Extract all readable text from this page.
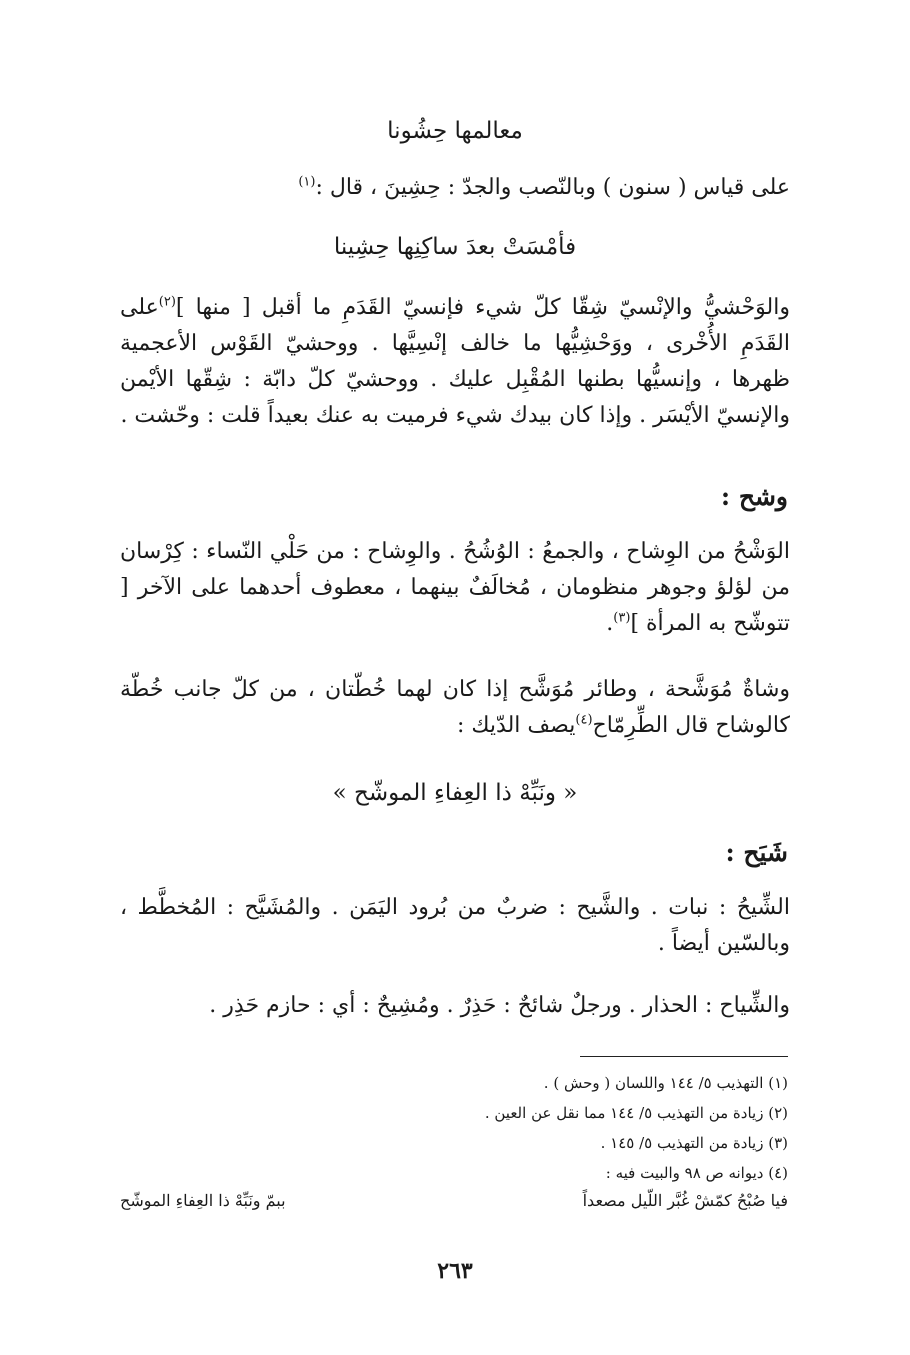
معالمها حِشُونا
على قياس ( سنون ) وبالنّصب والجدّ : حِشِينَ ، قال :$^{(١)}$
فأمْسَتْ بعدَ ساكِنِها حِشِينا
والوَحْشيُّ والإنْسيّ شِقّا كلّ شيء فإنسيّ القَدَمِ ما أقبل [ منها ]$^{(٢)}$على القَدَمِ الأُخْرى ، ووَحْشِيُّها ما خالف إنْسِيَّها . ووحشيّ القَوْس الأعجمية ظهرها ، وإنسيُّها بطنها المُقْبِل عليك . ووحشيّ كلّ دابّة : شِقّها الأيْمن والإنسيّ الأيْسَر . وإذا كان بيدك شيء فرميت به عنك بعيداً قلت : وحّشت .
وشح :
الوَشْحُ من الوِشاح ، والجمعُ : الوُشُحُ . والوِشاح : من حَلْي النّساء : كِرْسان من لؤلؤ وجوهر منظومان ، مُخالَفٌ بينهما ، معطوف أحدهما على الآخر [ تتوشّح به المرأة ]$^{(٣)}$.
وشاةٌ مُوَشَّحة ، وطائر مُوَشَّح إذا كان لهما خُطّتان ، من كلّ جانب خُطّة كالوشاح قال الطِّرِمّاح$^{(٤)}$يصف الدّيك :
« ونَبِّهْ ذا العِفاءِ الموشّح »
شَيَح :
الشِّيحُ : نبات . والشَّيح : ضربٌ من بُرود اليَمَن . والمُشَيَّح : المُخطَّط ، وبالسّين أيضاً .
والشِّياح : الحذار . ورجلٌ شائحٌ : حَذِرٌ . ومُشِيحٌ : أي : حازم حَذِر .
(١) التهذيب ٥/ ١٤٤ واللسان ( وحش ) .
(٢) زيادة من التهذيب ٥/ ١٤٤ مما نقل عن العين .
(٣) زيادة من التهذيب ٥/ ١٤٥ .
(٤) ديوانه ص ٩٨ والبيت فيه :
فيا صُبْحُ كمّشْ غُبَّر اللّيل مصعداً
ببمّ ونَبِّهْ ذا العِفاءِ الموشّح
٢٦٣
